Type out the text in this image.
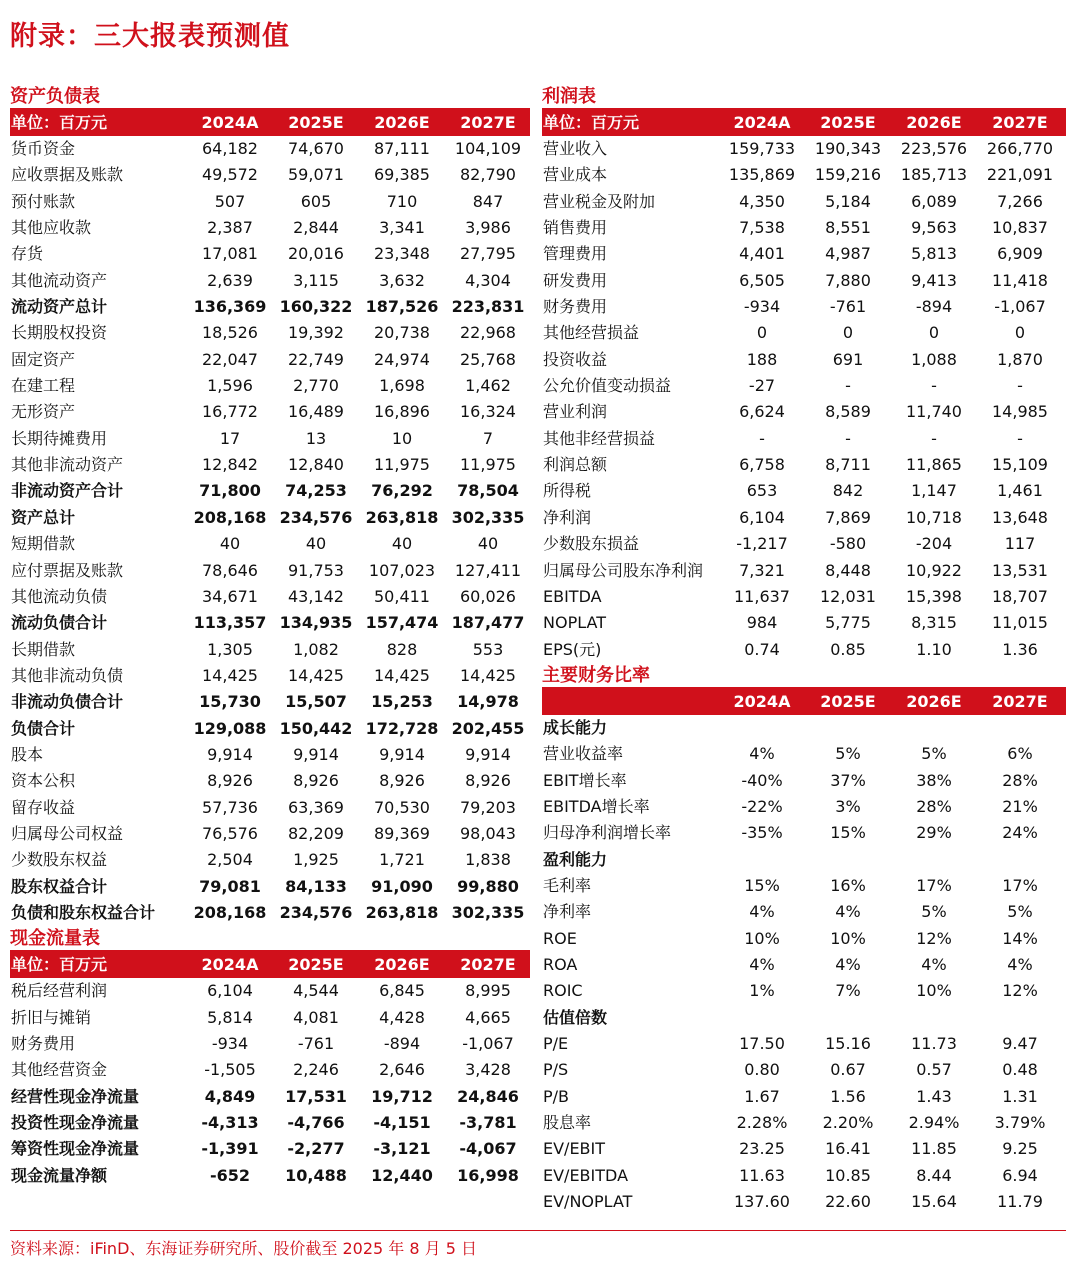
附录：三大报表预测值
资产负债表
单位：百万元	2024A	2025E	2026E	2027E
货币资金	64,182	74,670	87,111	104,109
应收票据及账款	49,572	59,071	69,385	82,790
预付账款	507	605	710	847
其他应收款	2,387	2,844	3,341	3,986
存货	17,081	20,016	23,348	27,795
其他流动资产	2,639	3,115	3,632	4,304
流动资产总计	136,369 160,322 187,526 223,831
长期股权投资	18,526	19,392	20,738	22,968
固定资产	22,047	22,749	24,974	25,768
在建工程	1,596	2,770	1,698	1,462
无形资产	16,772	16,489	16,896	16,324
长期待摊费用	17	13	10	7
其他非流动资产	12,842	12,840	11,975	11,975
非流动资产合计	71,800	74,253	76,292	78,504
资产总计	208,168 234,576 263,818 302,335
短期借款	40	40	40	40
应付票据及账款	78,646	91,753	107,023	127,411
其他流动负债	34,671	43,142	50,411	60,026
流动负债合计	113,357 134,935 157,474 187,477
长期借款	1,305	1,082	828	553
其他非流动负债	14,425	14,425	14,425	14,425
非流动负债合计	15,730	15,507	15,253	14,978
负债合计	129,088 150,442 172,728 202,455
股本	9,914	9,914	9,914	9,914
资本公积	8,926	8,926	8,926	8,926
留存收益	57,736	63,369	70,530	79,203
归属母公司权益	76,576	82,209	89,369	98,043
少数股东权益	2,504	1,925	1,721	1,838
股东权益合计	79,081	84,133	91,090	99,880
负债和股东权益合计	208,168 234,576 263,818 302,335
现金流量表
单位：百万元	2024A	2025E	2026E	2027E
税后经营利润	6,104	4,544	6,845	8,995
折旧与摊销	5,814	4,081	4,428	4,665
财务费用	-934	-761	-894	-1,067
其他经营资金	-1,505	2,246	2,646	3,428
经营性现金净流量	4,849	17,531	19,712	24,846
投资性现金净流量	-4,313	-4,766	-4,151	-3,781
筹资性现金净流量	-1,391	-2,277	-3,121	-4,067
现金流量净额	-652	10,488	12,440	16,998
利润表
单位：百万元	2024A	2025E	2026E	2027E
营业收入	159,733	190,343	223,576	266,770
营业成本	135,869	159,216	185,713	221,091
营业税金及附加	4,350	5,184	6,089	7,266
销售费用	7,538	8,551	9,563	10,837
管理费用	4,401	4,987	5,813	6,909
研发费用	6,505	7,880	9,413	11,418
财务费用	-934	-761	-894	-1,067
其他经营损益	0	0	0	0
投资收益	188	691	1,088	1,870
公允价值变动损益	-27	-	-	-
营业利润	6,624	8,589	11,740	14,985
其他非经营损益	-	-	-	-
利润总额	6,758	8,711	11,865	15,109
所得税	653	842	1,147	1,461
净利润	6,104	7,869	10,718	13,648
少数股东损益	-1,217	-580	-204	117
归属母公司股东净利润	7,321	8,448	10,922	13,531
EBITDA	11,637	12,031	15,398	18,707
NOPLAT	984	5,775	8,315	11,015
EPS(元)	0.74	0.85	1.10	1.36
主要财务比率
2024A	2025E	2026E	2027E
成长能力
营业收益率	4%	5%	5%	6%
EBIT增长率	-40%	37%	38%	28%
EBITDA增长率	-22%	3%	28%	21%
归母净利润增长率	-35%	15%	29%	24%
盈利能力
毛利率	15%	16%	17%	17%
净利率	4%	4%	5%	5%
ROE	10%	10%	12%	14%
ROA	4%	4%	4%	4%
ROIC	1%	7%	10%	12%
估值倍数
P/E	17.50	15.16	11.73	9.47
P/S	0.80	0.67	0.57	0.48
P/B	1.67	1.56	1.43	1.31
股息率	2.28%	2.20%	2.94%	3.79%
EV/EBIT	23.25	16.41	11.85	9.25
EV/EBITDA	11.63	10.85	8.44	6.94
EV/NOPLAT	137.60	22.60	15.64	11.79
资料来源：iFinD、东海证券研究所、股价截至 2025 年 8 月 5 日
